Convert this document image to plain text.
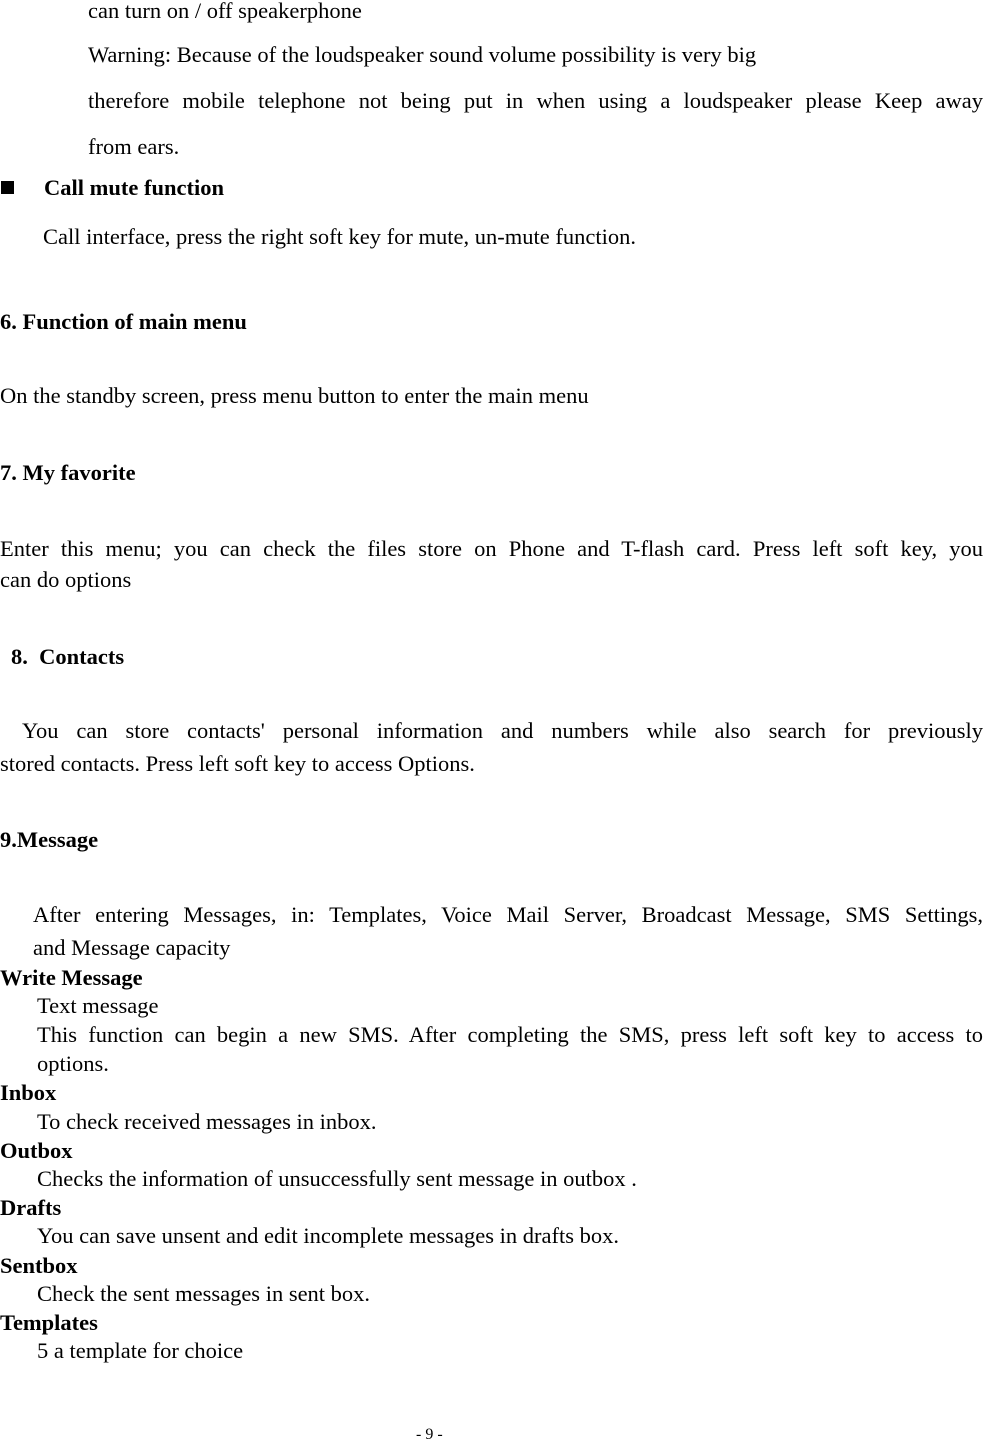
can turn on / off speakerphone
Warning: Because of the loudspeaker sound volume possibility is very big
therefore mobile telephone not being put in when using a loudspeaker please Keep away
from ears.
Call mute function
Call interface, press the right soft key for mute, un-mute function.
6. Function of main menu
On the standby screen, press menu button to enter the main menu
7. My favorite
Enter this menu; you can check the files store on Phone and T-flash card. Press left soft key, you
can do options
8.  Contacts
You  can  store  contacts'  personal  information  and  numbers  while  also  search  for  previously
stored contacts. Press left soft key to access Options.
9.Message
After entering Messages, in: Templates, Voice Mail Server, Broadcast Message, SMS Settings,
and Message capacity
Write Message
Text message
This function can begin a new SMS. After completing the SMS, press left soft key to access to
options.
Inbox
To check received messages in inbox.
Outbox
Checks the information of unsuccessfully sent message in outbox .
Drafts
You can save unsent and edit incomplete messages in drafts box.
Sentbox
Check the sent messages in sent box.
Templates
5 a template for choice
- 9 -
